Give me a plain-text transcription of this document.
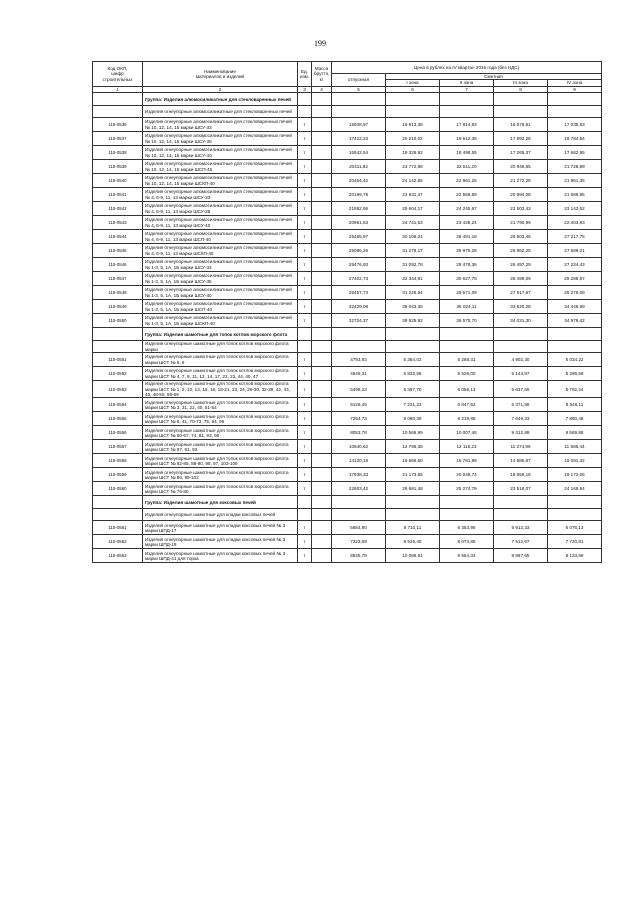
199
Код ОКП,
шифр
строительных	Наименование
материалов и изделий	Ед.
изм.	Масса
брутто,
кг	Цена в рублях на IV квартал 2016 года (без НДС)				
				отпускная	Сметная			
					I зона	II зона	III зона	IV зона
1	2	3	4	5	6	7	8	9
	Группа: Изделия алюмосиликатные для стекловаренных печей							
	Изделия огнеупорные алюмосиликатные для стекловаренных печей							
115-0536	Изделия огнеупорные алюмосиликатные для стекловаренных печей № 10, 12, 14, 15 марки ШСУ-33	т		15938,97	16 813,38	17 814,83	16 576,61	17 035,83
115-0537	Изделия огнеупорные алюмосиликатные для стекловаренных печей № 10, 12, 14, 15 марки ШСУ-35	т		17422,23	20 210,02	19 612,35	17 892,26	19 784,54
115-0538	Изделия огнеупорные алюмосиликатные для стекловаренных печей № 10, 12, 14, 15 марки ШСУ-40	т		16542,54	19 326,92	18 498,55	17 265,37	17 682,95
115-0539	Изделия огнеупорные алюмосиликатные для стекловаренных печей № 10, 12, 14, 15 марки ШСП-45	т		20411,82	23 772,98	22 511,20	20 946,55	21 728,89
115-0540	Изделия огнеупорные алюмосиликатные для стекловаренных печей № 10, 12, 14, 15 марки ШСКП-40	т		20454,42	24 142,65	22 861,25	21 272,28	21 961,35
115-0541	Изделия огнеупорные алюмосиликатные для стекловаренных печей № 4, 6-9, 11, 13 марки ШСУ-33	т		20199,78	23 831,47	22 566,59	20 994,08	21 589,85
115-0542	Изделия огнеупорные алюмосиликатные для стекловаренных печей № 4, 6-9, 11, 13 марки ШСУ-35	т		21692,66	25 604,17	24 245,67	22 503,43	23 143,52
115-0543	Изделия огнеупорные алюмосиликатные для стекловаренных печей № 4, 6-9, 11, 13 марки ШСУ-40	т		20961,63	24 741,53	23 428,24	21 790,99	22 403,93
115-0544	Изделия огнеупорные алюмосиликатные для стекловаренных печей № 4, 6-9, 11, 13 марки ШСП-40	т		25485,97	30 109,24	28 481,18	26 503,46	27 217,75
115-0545	Изделия огнеупорные алюмосиликатные для стекловаренных печей № 4, 6-9, 11, 13 марки ШСКП-40	т		25086,26	31 278,17	28 975,28	26 962,25	27 689,21
115-0546	Изделия огнеупорные алюмосиликатные для стекловаренных печей № 1-3, 5, 1А, 1Б марки ШСУ-33	т		25476,93	31 092,78	28 478,36	26 497,29	27 234,43
115-0547	Изделия огнеупорные алюмосиликатные для стекловаренных печей № 1-3, 5, 1А, 1Б марки ШСУ-35	т		27402,73	32 344,91	30 627,78	28 499,09	29 288,57
115-0548	Изделия огнеупорные алюмосиликатные для стекловаренных печей № 1-3, 5, 1А, 1Б марки ШСУ-40	т		26457,73	31 226,94	29 571,09	27 517,67	28 278,09
115-0549	Изделия огнеупорные алюмосиликатные для стекловаренных печей № 1-3, 5, 1А, 1Б марки ШСП-40	т		32429,09	38 043,35	36 024,11	33 520,28	34 448,69
115-0550	Изделия огнеупорные алюмосиликатные для стекловаренных печей № 1-3, 5, 1А, 1Б марки ШСКП-40	т		32724,37	38 625,92	36 575,70	34 031,30	34 976,42
	Группа: Изделия шамотные для топок котлов морского флота							
	Изделия огнеупорные шамотные для топок котлов морского флота марки							
115-0551	Изделия огнеупорные шамотные для топок котлов морского флота марки ШСТ № 5, 8	т		4793,93	5 364,02	5 268,31	4 902,30	5 034,22
115-0552	Изделия огнеупорные шамотные для топок котлов морского флота марки ШСТ № 4, 7, 9, 11, 12, 14, 17, 22, 23, 44, 45, 47	т		4546,31	5 832,96	5 526,00	5 143,87	5 286,59
115-0553	Изделия огнеупорные шамотные для топок котлов морского флота марки ШСТ № 1, 2, 10, 13, 15, 16, 18-21, 23, 24, 26-30, 32-39, 42, 43, 46, 48-50, 55-59	т		5498,23	6 397,70	6 058,13	5 637,66	5 792,24
115-0554	Изделия огнеупорные шамотные для топок котлов морского флота марки ШСТ № 3, 31, 22, 40, 51-54	т		6126,49	7 231,23	6 847,52	6 371,98	6 546,11
115-0555	Изделия огнеупорные шамотные для топок котлов морского флота марки ШСТ № 6, 41, 70-73, 75, 94, 95	т		7254,73	8 080,39	8 219,86	7 649,33	7 860,48
115-0556	Изделия огнеупорные шамотные для топок котлов морского флота марки ШСТ № 60-67, 74, 81, 93, 96	т		8053,78	10 566,99	10 007,46	9 312,89	9 569,88
115-0557	Изделия огнеупорные шамотные для топок котлов морского флота марки ШСТ № 87, 91, 92	т		10840,62	12 795,36	12 115,23	11 274,99	11 586,44
115-0558	Изделия огнеупорные шамотные для топок котлов морского флота марки ШСТ № 82-85, 88-90, 98, 97, 103-109	т		14120,19	16 666,60	15 781,99	14 685,67	15 091,32
115-0559	Изделия огнеупорные шамотные для топок котлов морского флота марки ШСТ № 86, 99-102	т		17938,33	21 173,55	20 049,74	18 656,16	19 172,06
115-0560	Изделия огнеупорные шамотные для топок котлов морского флота марки ШСТ № 76-80	т		22603,42	26 691,48	25 274,79	23 518,07	24 169,64
	Группа: Изделия шамотные для коксовых печей							
	Изделия огнеупорные шамотные для кладки коксовых печей							
115-0561	Изделия огнеупорные шамотные для кладки коксовых печей № 3 марки ШПД-17	т		5684,90	6 710,11	6 353,96	5 912,33	6 076,13
115-0562	Изделия огнеупорные шамотные для кладки коксовых печей № 3 марки ШПД-19	т		7223,69	8 526,40	8 073,85	7 512,67	7 720,81
115-0563	Изделия огнеупорные шамотные для кладки коксовых печей № 3 марки ШПД-41 для торка	т		8545,78	10 086,91	9 554,33	8 887,65	9 133,86
